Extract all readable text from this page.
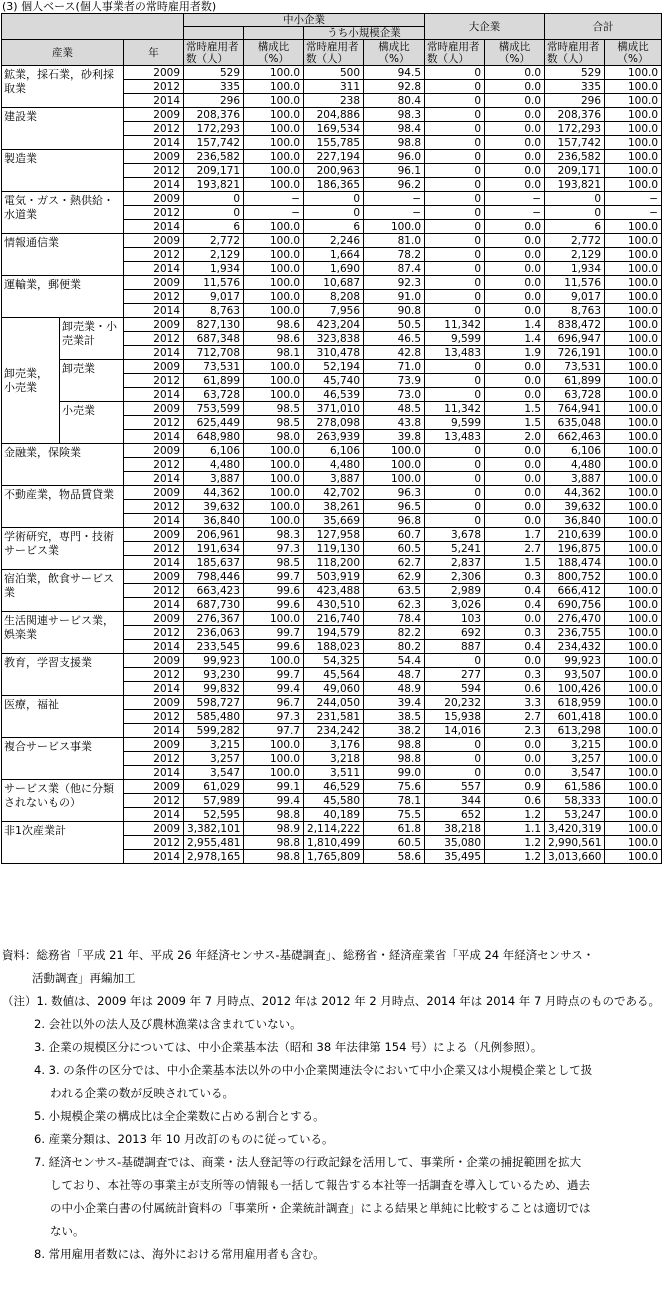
(3) 個人ベース(個人事業者の常時雇用者数)
			中小企業				大企業		合計	
					うち小規模企業					
産業		年	常時雇用者数（人）	構成比（%）	常時雇用者数（人）	構成比（%）	常時雇用者数（人）	構成比（%）	常時雇用者数（人）	構成比（%）
鉱業，採石業，砂利採取業		2009	529	100.0	500	94.5	0	0.0	529	100.0
		2012	335	100.0	311	92.8	0	0.0	335	100.0
		2014	296	100.0	238	80.4	0	0.0	296	100.0
建設業		2009	208,376	100.0	204,886	98.3	0	0.0	208,376	100.0
		2012	172,293	100.0	169,534	98.4	0	0.0	172,293	100.0
		2014	157,742	100.0	155,785	98.8	0	0.0	157,742	100.0
製造業		2009	236,582	100.0	227,194	96.0	0	0.0	236,582	100.0
		2012	209,171	100.0	200,963	96.1	0	0.0	209,171	100.0
		2014	193,821	100.0	186,365	96.2	0	0.0	193,821	100.0
電気・ガス・熱供給・水道業		2009	0	−	0	−	0	−	0	−
		2012	0	−	0	−	0	−	0	−
		2014	6	100.0	6	100.0	0	0.0	6	100.0
情報通信業		2009	2,772	100.0	2,246	81.0	0	0.0	2,772	100.0
		2012	2,129	100.0	1,664	78.2	0	0.0	2,129	100.0
		2014	1,934	100.0	1,690	87.4	0	0.0	1,934	100.0
運輸業，郵便業		2009	11,576	100.0	10,687	92.3	0	0.0	11,576	100.0
		2012	9,017	100.0	8,208	91.0	0	0.0	9,017	100.0
		2014	8,763	100.0	7,956	90.8	0	0.0	8,763	100.0
卸売業，小売業	卸売業・小売業計	2009	827,130	98.6	423,204	50.5	11,342	1.4	838,472	100.0
		2012	687,348	98.6	323,838	46.5	9,599	1.4	696,947	100.0
		2014	712,708	98.1	310,478	42.8	13,483	1.9	726,191	100.0
	卸売業	2009	73,531	100.0	52,194	71.0	0	0.0	73,531	100.0
		2012	61,899	100.0	45,740	73.9	0	0.0	61,899	100.0
		2014	63,728	100.0	46,539	73.0	0	0.0	63,728	100.0
	小売業	2009	753,599	98.5	371,010	48.5	11,342	1.5	764,941	100.0
		2012	625,449	98.5	278,098	43.8	9,599	1.5	635,048	100.0
		2014	648,980	98.0	263,939	39.8	13,483	2.0	662,463	100.0
金融業，保険業		2009	6,106	100.0	6,106	100.0	0	0.0	6,106	100.0
		2012	4,480	100.0	4,480	100.0	0	0.0	4,480	100.0
		2014	3,887	100.0	3,887	100.0	0	0.0	3,887	100.0
不動産業，物品賃貸業		2009	44,362	100.0	42,702	96.3	0	0.0	44,362	100.0
		2012	39,632	100.0	38,261	96.5	0	0.0	39,632	100.0
		2014	36,840	100.0	35,669	96.8	0	0.0	36,840	100.0
学術研究，専門・技術サービス業		2009	206,961	98.3	127,958	60.7	3,678	1.7	210,639	100.0
		2012	191,634	97.3	119,130	60.5	5,241	2.7	196,875	100.0
		2014	185,637	98.5	118,200	62.7	2,837	1.5	188,474	100.0
宿泊業，飲食サービス業		2009	798,446	99.7	503,919	62.9	2,306	0.3	800,752	100.0
		2012	663,423	99.6	423,488	63.5	2,989	0.4	666,412	100.0
		2014	687,730	99.6	430,510	62.3	3,026	0.4	690,756	100.0
生活関連サービス業，娯楽業		2009	276,367	100.0	216,740	78.4	103	0.0	276,470	100.0
		2012	236,063	99.7	194,579	82.2	692	0.3	236,755	100.0
		2014	233,545	99.6	188,023	80.2	887	0.4	234,432	100.0
教育，学習支援業		2009	99,923	100.0	54,325	54.4	0	0.0	99,923	100.0
		2012	93,230	99.7	45,564	48.7	277	0.3	93,507	100.0
		2014	99,832	99.4	49,060	48.9	594	0.6	100,426	100.0
医療，福祉		2009	598,727	96.7	244,050	39.4	20,232	3.3	618,959	100.0
		2012	585,480	97.3	231,581	38.5	15,938	2.7	601,418	100.0
		2014	599,282	97.7	234,242	38.2	14,016	2.3	613,298	100.0
複合サービス事業		2009	3,215	100.0	3,176	98.8	0	0.0	3,215	100.0
		2012	3,257	100.0	3,218	98.8	0	0.0	3,257	100.0
		2014	3,547	100.0	3,511	99.0	0	0.0	3,547	100.0
サービス業（他に分類されないもの）		2009	61,029	99.1	46,529	75.6	557	0.9	61,586	100.0
		2012	57,989	99.4	45,580	78.1	344	0.6	58,333	100.0
		2014	52,595	98.8	40,189	75.5	652	1.2	53,247	100.0
非1次産業計		2009	3,382,101	98.9	2,114,222	61.8	38,218	1.1	3,420,319	100.0
		2012	2,955,481	98.8	1,810,499	60.5	35,080	1.2	2,990,561	100.0
		2014	2,978,165	98.8	1,765,809	58.6	35,495	1.2	3,013,660	100.0
資料：総務省「平成 21 年、平成 26 年経済センサス-基礎調査」、総務省・経済産業省「平成 24 年経済センサス・
活動調査」再編加工
（注）1. 数値は、2009 年は 2009 年 7 月時点、2012 年は 2012 年 2 月時点、2014 年は 2014 年 7 月時点のものである。
2. 会社以外の法人及び農林漁業は含まれていない。
3. 企業の規模区分については、中小企業基本法（昭和 38 年法律第 154 号）による（凡例参照）。
4. 3. の条件の区分では、中小企業基本法以外の中小企業関連法令において中小企業又は小規模企業として扱
われる企業の数が反映されている。
5. 小規模企業の構成比は全企業数に占める割合とする。
6. 産業分類は、2013 年 10 月改訂のものに従っている。
7. 経済センサス-基礎調査では、商業・法人登記等の行政記録を活用して、事業所・企業の捕捉範囲を拡大
しており、本社等の事業主が支所等の情報も一括して報告する本社等一括調査を導入しているため、過去
の中小企業白書の付属統計資料の「事業所・企業統計調査」による結果と単純に比較することは適切では
ない。
8. 常用雇用者数には、海外における常用雇用者も含む。
